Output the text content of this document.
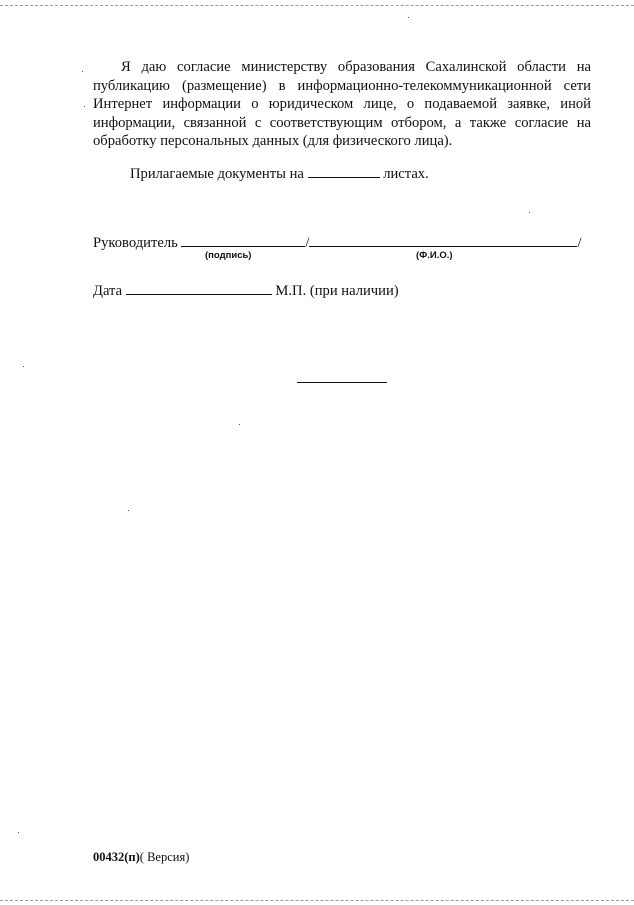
Я даю согласие министерству образования Сахалинской области на публикацию (размещение) в информационно-телекоммуникационной сети Интернет информации о юридическом лице, о подаваемой заявке, иной информации, связанной с соответствующим отбором, а также согласие на обработку персональных данных (для физического лица).

Прилагаемые документы на	листах.
Руководитель	/	/
(подпись)	(Ф.И.О.)
Дата	М.П. (при наличии)
00432(п)( Версия)
